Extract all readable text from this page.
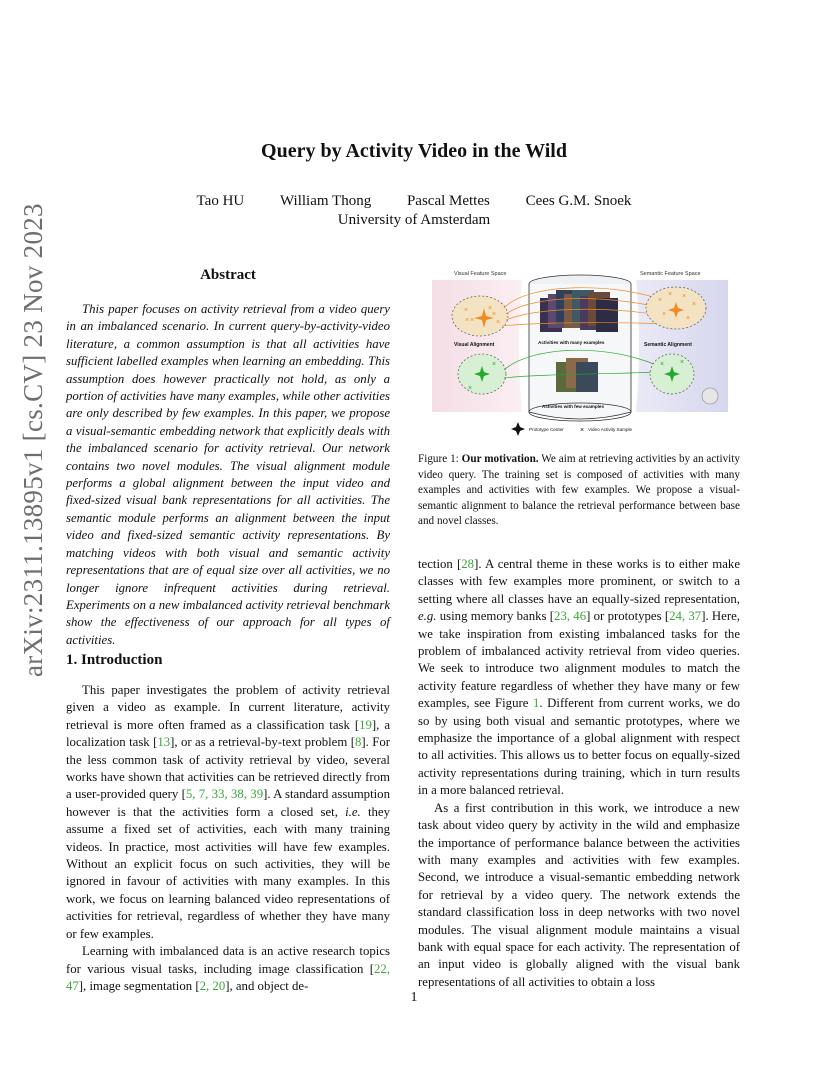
arXiv:2311.13895v1 [cs.CV] 23 Nov 2023
Query by Activity Video in the Wild
Tao HU William Thong Pascal Mettes Cees G.M. Snoek
University of Amsterdam
Abstract

This paper focuses on activity retrieval from a video query in an imbalanced scenario. In current query-by-activity-video literature, a common assumption is that all activities have sufficient labelled examples when learning an embedding. This assumption does however practically not hold, as only a portion of activities have many examples, while other activities are only described by few examples. In this paper, we propose a visual-semantic embedding network that explicitly deals with the imbalanced scenario for activity retrieval. Our network contains two novel modules. The visual alignment module performs a global alignment between the input video and fixed-sized visual bank representations for all activities. The semantic module performs an alignment between the input video and fixed-sized semantic activity representations. By matching videos with both visual and semantic activity representations that are of equal size over all activities, we no longer ignore infrequent activities during retrieval. Experiments on a new imbalanced activity retrieval benchmark show the effectiveness of our approach for all types of activities.

1. Introduction

This paper investigates the problem of activity retrieval given a video as example. In current literature, activity retrieval is more often framed as a classification task [19], a localization task [13], or as a retrieval-by-text problem [8]. For the less common task of activity retrieval by video, several works have shown that activities can be retrieved directly from a user-provided query [5, 7, 33, 38, 39]. A standard assumption however is that the activities form a closed set, i.e. they assume a fixed set of activities, each with many training videos. In practice, most activities will have few examples. Without an explicit focus on such activities, they will be ignored in favour of activities with many examples. In this work, we focus on learning balanced video representations of activities for retrieval, regardless of whether they have many or few examples.

Learning with imbalanced data is an active research topics for various visual tasks, including image classification [22, 47], image segmentation [2, 20], and object de-

Visual Feature Space	Semantic Feature Space
×
×
×
×
×
×
Visual Alignment
×
×
Activities with many examples
Activities with few examples
×
× ×
×
×
×
Semantic Alignment
× ×
Prototype Center × Video Activity Sample
Figure 1: Our motivation. We aim at retrieving activities by an activity video query. The training set is composed of activities with many examples and activities with few examples. We propose a visual-semantic alignment to balance the retrieval performance between base and novel classes.

tection [28]. A central theme in these works is to either make classes with few examples more prominent, or switch to a setting where all classes have an equally-sized representation, e.g. using memory banks [23, 46] or prototypes [24, 37]. Here, we take inspiration from existing imbalanced tasks for the problem of imbalanced activity retrieval from video queries. We seek to introduce two alignment modules to match the activity feature regardless of whether they have many or few examples, see Figure 1. Different from current works, we do so by using both visual and semantic prototypes, where we emphasize the importance of a global alignment with respect to all activities. This allows us to better focus on equally-sized activity representations during training, which in turn results in a more balanced retrieval.

As a first contribution in this work, we introduce a new task about video query by activity in the wild and emphasize the importance of performance balance between the activities with many examples and activities with few examples. Second, we introduce a visual-semantic embedding network for retrieval by a video query. The network extends the standard classification loss in deep networks with two novel modules. The visual alignment module maintains a visual bank with equal space for each activity. The representation of an input video is globally aligned with the visual bank representations of all activities to obtain a loss

1
